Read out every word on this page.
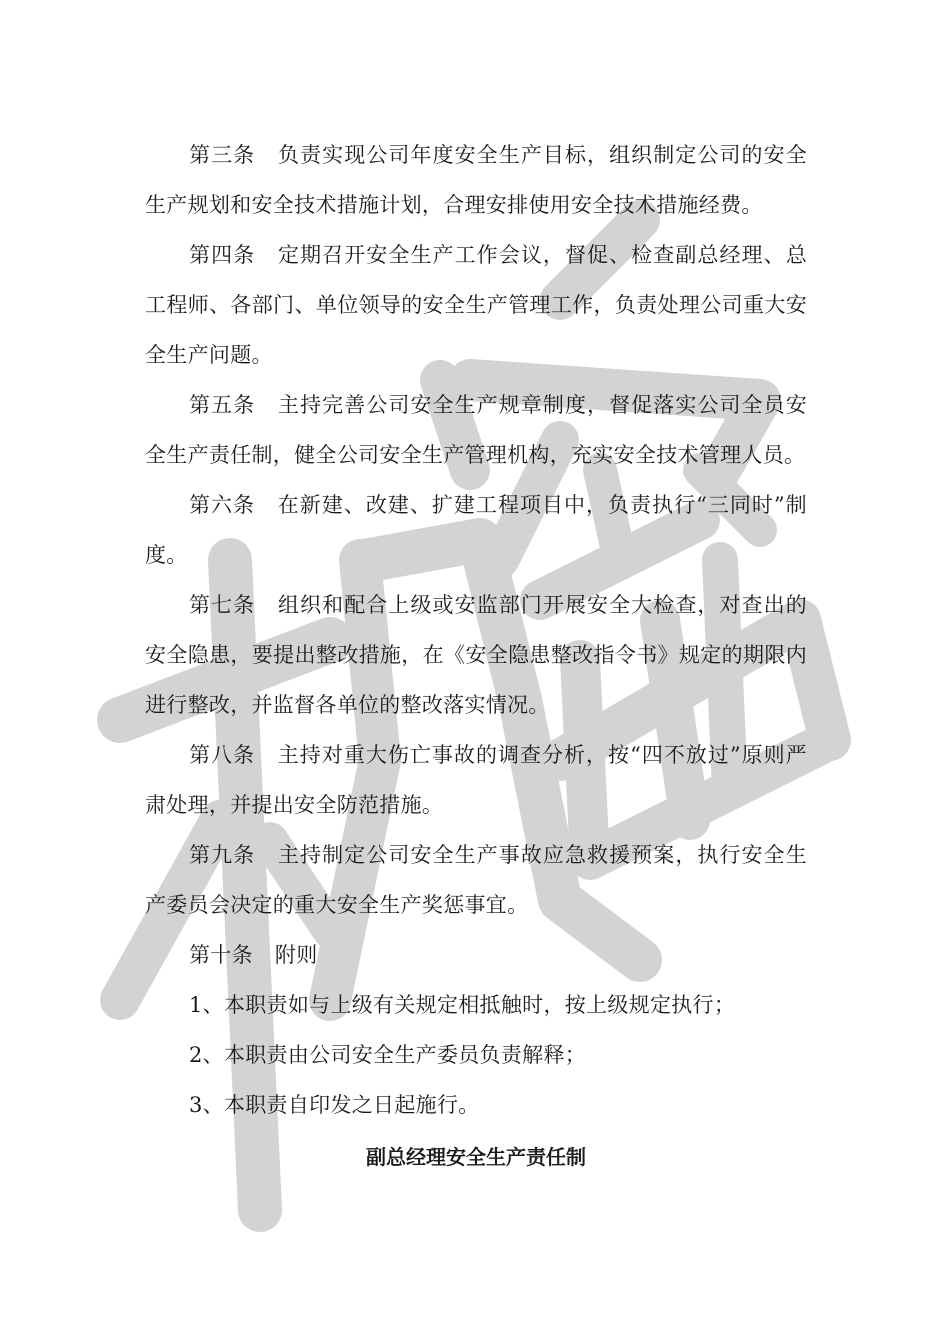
第三条 负责实现公司年度安全生产目标，组织制定公司的安全生产规划和安全技术措施计划，合理安排使用安全技术措施经费。

第四条 定期召开安全生产工作会议，督促、检查副总经理、总工程师、各部门、单位领导的安全生产管理工作，负责处理公司重大安全生产问题。

第五条 主持完善公司安全生产规章制度，督促落实公司全员安全生产责任制，健全公司安全生产管理机构，充实安全技术管理人员。

第六条 在新建、改建、扩建工程项目中，负责执行“三同时”制度。

第七条 组织和配合上级或安监部门开展安全大检查，对查出的安全隐患，要提出整改措施，在《安全隐患整改指令书》规定的期限内进行整改，并监督各单位的整改落实情况。

第八条 主持对重大伤亡事故的调查分析，按“四不放过”原则严肃处理，并提出安全防范措施。

第九条 主持制定公司安全生产事故应急救援预案，执行安全生产委员会决定的重大安全生产奖惩事宜。

第十条 附则

1、本职责如与上级有关规定相抵触时，按上级规定执行；

2、本职责由公司安全生产委员负责解释；

3、本职责自印发之日起施行。

副总经理安全生产责任制
